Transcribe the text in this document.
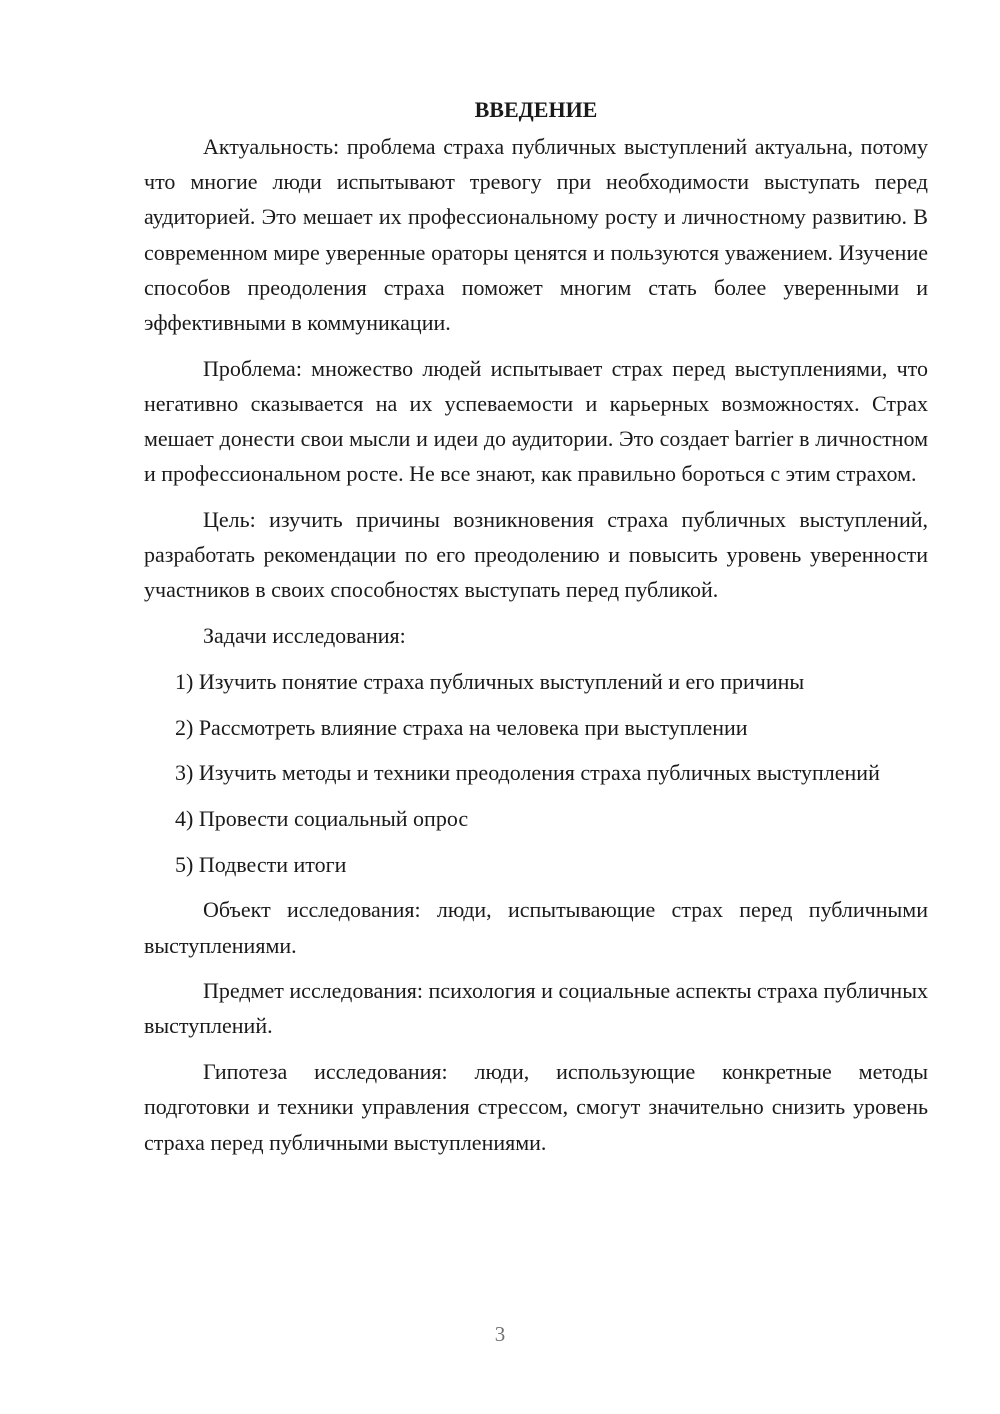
ВВЕДЕНИЕ

Актуальность: проблема страха публичных выступлений актуальна, потому что многие люди испытывают тревогу при необходимости выступать перед аудиторией. Это мешает их профессиональному росту и личностному развитию. В современном мире уверенные ораторы ценятся и пользуются уважением. Изучение способов преодоления страха поможет многим стать более уверенными и эффективными в коммуникации.

Проблема: множество людей испытывает страх перед выступлениями, что негативно сказывается на их успеваемости и карьерных возможностях. Страх мешает донести свои мысли и идеи до аудитории. Это создает barrier в личностном и профессиональном росте. Не все знают, как правильно бороться с этим страхом.

Цель: изучить причины возникновения страха публичных выступлений, разработать рекомендации по его преодолению и повысить уровень уверенности участников в своих способностях выступать перед публикой.

Задачи исследования:

1) Изучить понятие страха публичных выступлений и его причины

2) Рассмотреть влияние страха на человека при выступлении

3) Изучить методы и техники преодоления страха публичных выступлений

4) Провести социальный опрос

5) Подвести итоги

Объект исследования: люди, испытывающие страх перед публичными выступлениями.

Предмет исследования: психология и социальные аспекты страха публичных выступлений.

Гипотеза исследования: люди, использующие конкретные методы подготовки и техники управления стрессом, смогут значительно снизить уровень страха перед публичными выступлениями.

3
